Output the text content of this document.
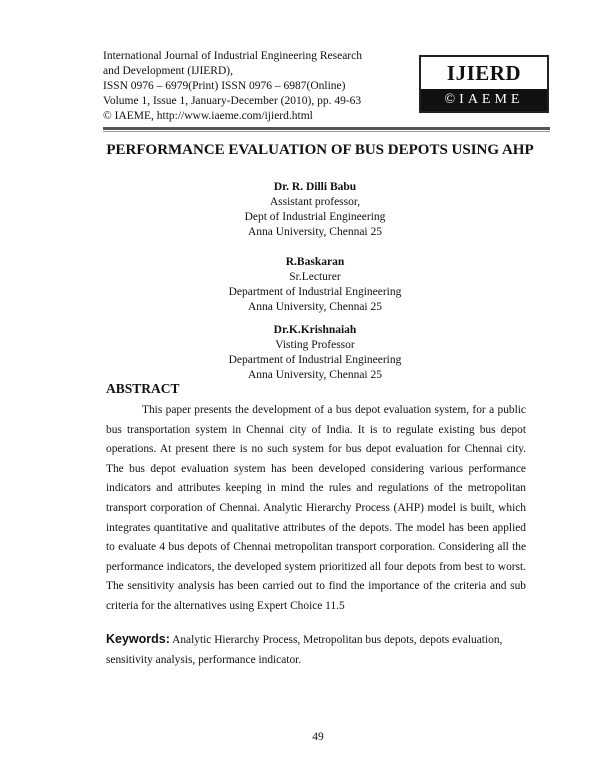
International Journal of Industrial Engineering Research
and Development (IJIERD),
ISSN 0976 – 6979(Print) ISSN 0976 – 6987(Online)
Volume 1, Issue 1, January-December (2010), pp. 49-63
© IAEME, http://www.iaeme.com/ijierd.html
IJIERD
©IAEME
PERFORMANCE EVALUATION OF BUS DEPOTS USING AHP
Dr. R. Dilli Babu
Assistant professor,
Dept of Industrial Engineering
Anna University, Chennai 25
R.Baskaran
Sr.Lecturer
Department of Industrial Engineering
Anna University, Chennai 25
Dr.K.Krishnaiah
Visting Professor
Department of Industrial Engineering
Anna University, Chennai 25
ABSTRACT

This paper presents the development of a bus depot evaluation system, for a public bus transportation system in Chennai city of India. It is to regulate existing bus depot operations. At present there is no such system for bus depot evaluation for Chennai city. The bus depot evaluation system has been developed considering various performance indicators and attributes keeping in mind the rules and regulations of the metropolitan transport corporation of Chennai. Analytic Hierarchy Process (AHP) model is built, which integrates quantitative and qualitative attributes of the depots. The model has been applied to evaluate 4 bus depots of Chennai metropolitan transport corporation. Considering all the performance indicators, the developed system prioritized all four depots from best to worst. The sensitivity analysis has been carried out to find the importance of the criteria and sub criteria for the alternatives using Expert Choice 11.5

Keywords: Analytic Hierarchy Process, Metropolitan bus depots, depots evaluation, sensitivity analysis, performance indicator.

49
